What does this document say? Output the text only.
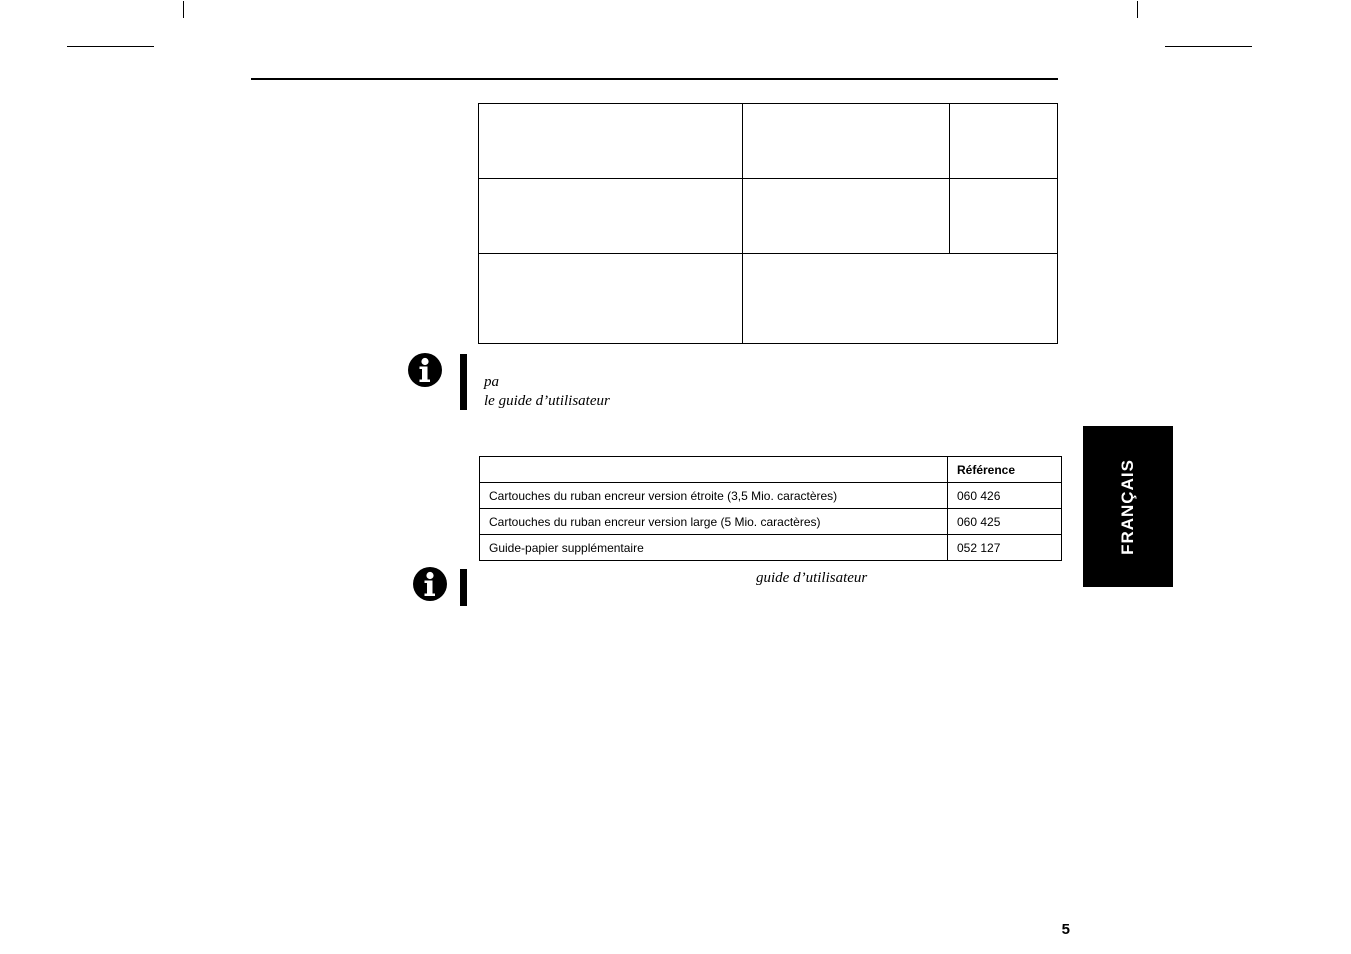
pa
le guide d’utilisateur

	Référence
Cartouches du ruban encreur version étroite (3,5 Mio. caractères)	060 426
Cartouches du ruban encreur version large (5 Mio. caractères)	060 425
Guide-papier supplémentaire	052 127

guide d’utilisateur

FRANÇAIS
5
